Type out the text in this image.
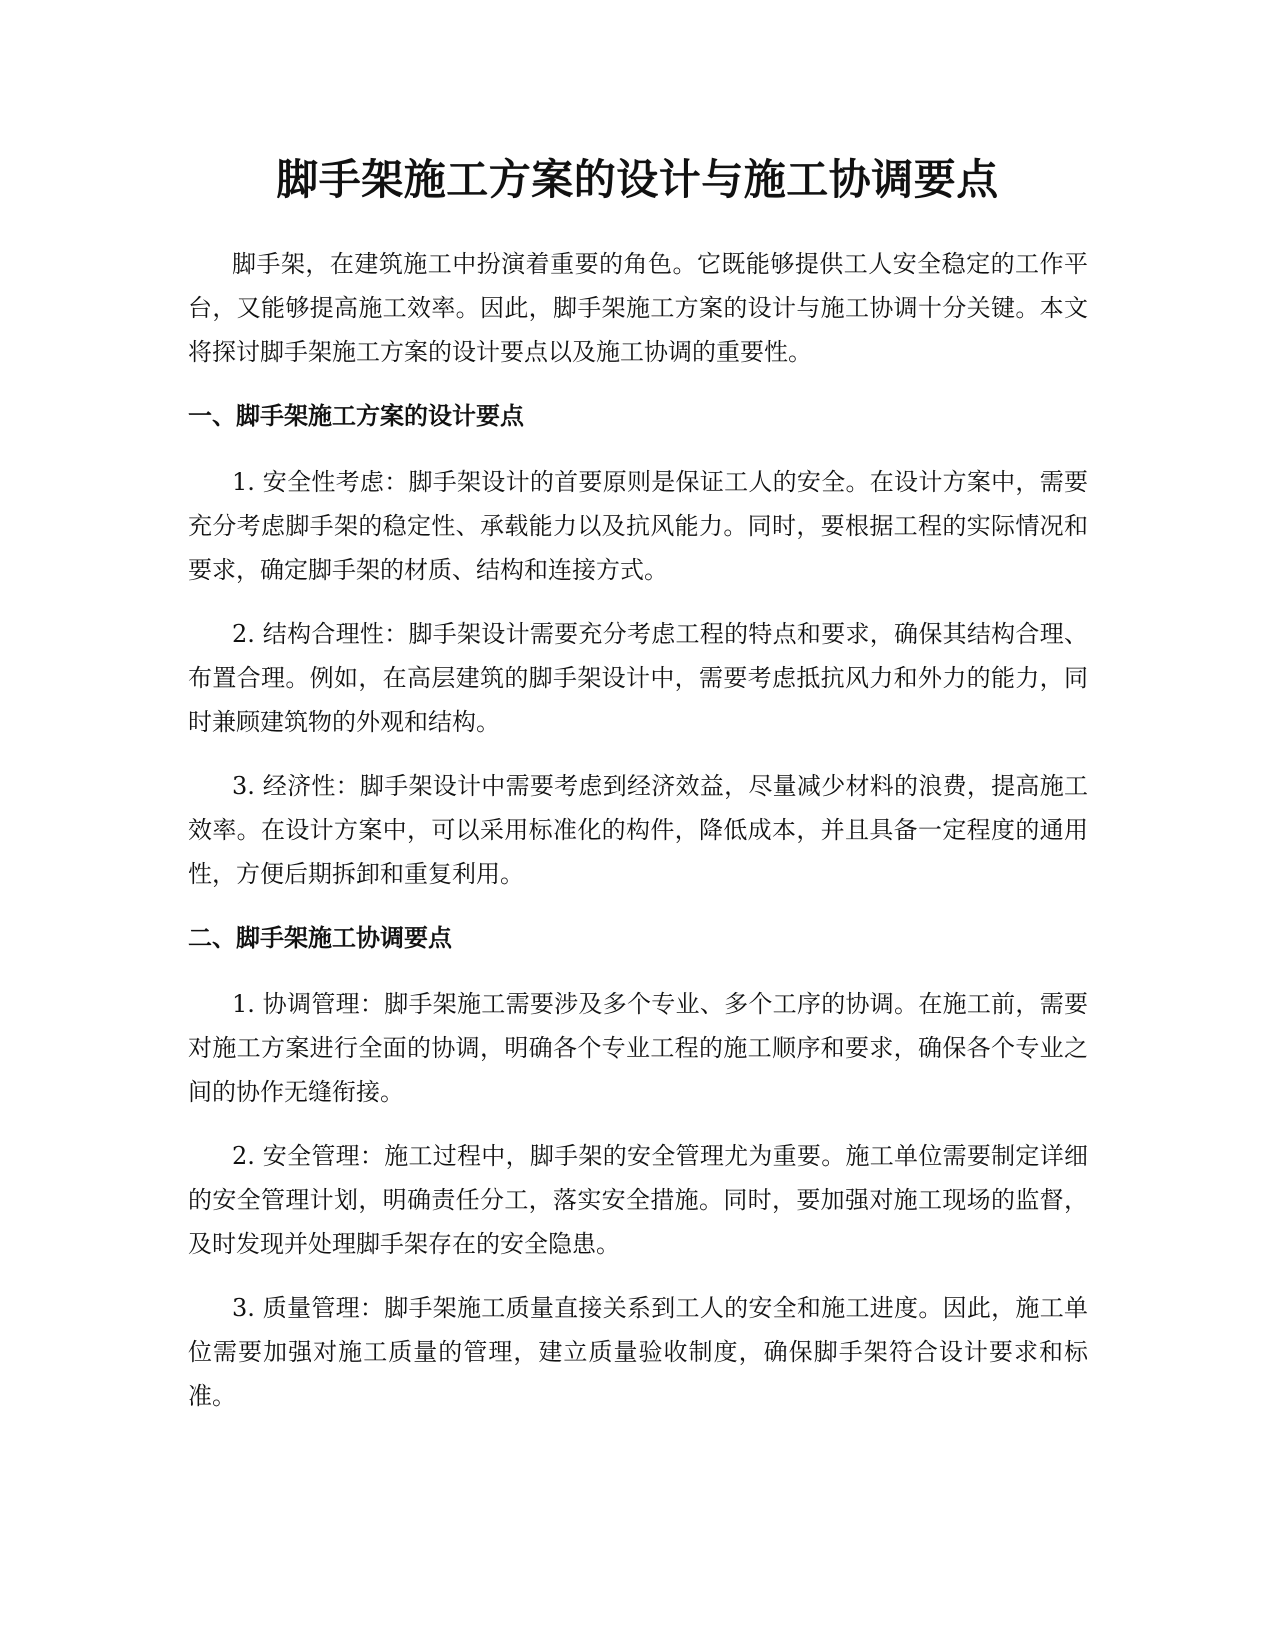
脚手架施工方案的设计与施工协调要点

脚手架，在建筑施工中扮演着重要的角色。它既能够提供工人安全稳定的工作平台，又能够提高施工效率。因此，脚手架施工方案的设计与施工协调十分关键。本文将探讨脚手架施工方案的设计要点以及施工协调的重要性。

一、脚手架施工方案的设计要点

1. 安全性考虑：脚手架设计的首要原则是保证工人的安全。在设计方案中，需要充分考虑脚手架的稳定性、承载能力以及抗风能力。同时，要根据工程的实际情况和要求，确定脚手架的材质、结构和连接方式。

2. 结构合理性：脚手架设计需要充分考虑工程的特点和要求，确保其结构合理、布置合理。例如，在高层建筑的脚手架设计中，需要考虑抵抗风力和外力的能力，同时兼顾建筑物的外观和结构。

3. 经济性：脚手架设计中需要考虑到经济效益，尽量减少材料的浪费，提高施工效率。在设计方案中，可以采用标准化的构件，降低成本，并且具备一定程度的通用性，方便后期拆卸和重复利用。

二、脚手架施工协调要点

1. 协调管理：脚手架施工需要涉及多个专业、多个工序的协调。在施工前，需要对施工方案进行全面的协调，明确各个专业工程的施工顺序和要求，确保各个专业之间的协作无缝衔接。

2. 安全管理：施工过程中，脚手架的安全管理尤为重要。施工单位需要制定详细的安全管理计划，明确责任分工，落实安全措施。同时，要加强对施工现场的监督，及时发现并处理脚手架存在的安全隐患。

3. 质量管理：脚手架施工质量直接关系到工人的安全和施工进度。因此，施工单位需要加强对施工质量的管理，建立质量验收制度，确保脚手架符合设计要求和标准。
